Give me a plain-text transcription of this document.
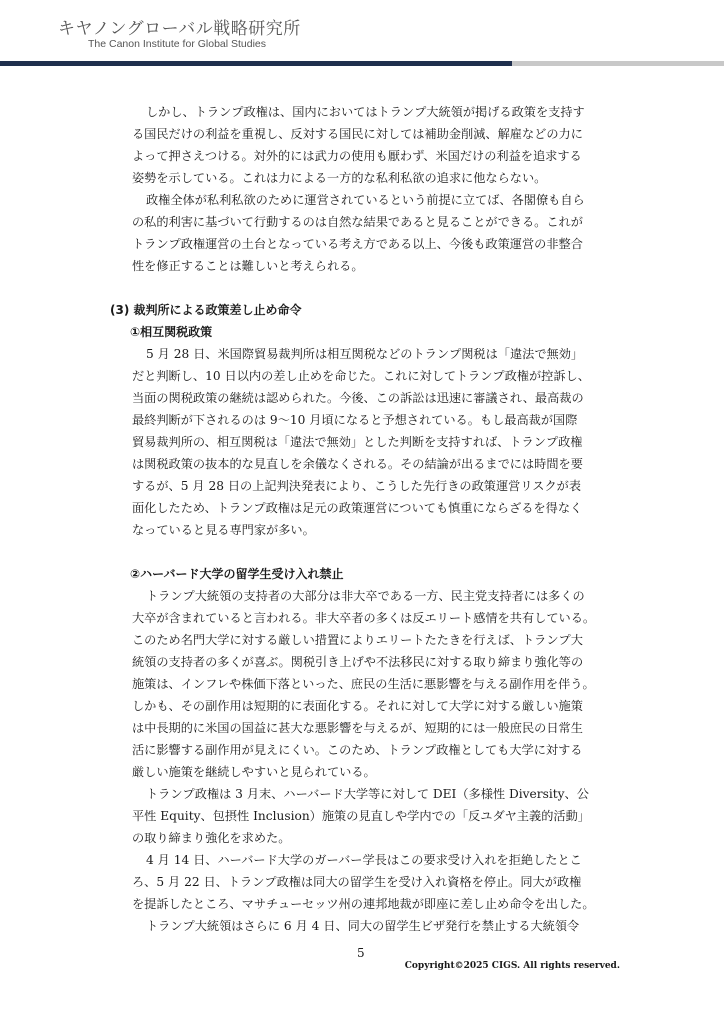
キヤノングローバル戦略研究所
The Canon Institute for Global Studies
しかし、トランプ政権は、国内においてはトランプ大統領が掲げる政策を支持す
る国民だけの利益を重視し、反対する国民に対しては補助金削減、解雇などの力に
よって押さえつける。対外的には武力の使用も厭わず、米国だけの利益を追求する
姿勢を示している。これは力による一方的な私利私欲の追求に他ならない。
政権全体が私利私欲のために運営されているという前提に立てば、各閣僚も自ら
の私的利害に基づいて行動するのは自然な結果であると見ることができる。これが
トランプ政権運営の土台となっている考え方である以上、今後も政策運営の非整合
性を修正することは難しいと考えられる。
(3) 裁判所による政策差し止め命令
①相互関税政策
5 月 28 日、米国際貿易裁判所は相互関税などのトランプ関税は「違法で無効」
だと判断し、10 日以内の差し止めを命じた。これに対してトランプ政権が控訴し、
当面の関税政策の継続は認められた。今後、この訴訟は迅速に審議され、最高裁の
最終判断が下されるのは 9〜10 月頃になると予想されている。もし最高裁が国際
貿易裁判所の、相互関税は「違法で無効」とした判断を支持すれば、トランプ政権
は関税政策の抜本的な見直しを余儀なくされる。その結論が出るまでには時間を要
するが、5 月 28 日の上記判決発表により、こうした先行きの政策運営リスクが表
面化したため、トランプ政権は足元の政策運営についても慎重にならざるを得なく
なっていると見る専門家が多い。
②ハーバード大学の留学生受け入れ禁止
トランプ大統領の支持者の大部分は非大卒である一方、民主党支持者には多くの
大卒が含まれていると言われる。非大卒者の多くは反エリート感情を共有している。
このため名門大学に対する厳しい措置によりエリートたたきを行えば、トランプ大
統領の支持者の多くが喜ぶ。関税引き上げや不法移民に対する取り締まり強化等の
施策は、インフレや株価下落といった、庶民の生活に悪影響を与える副作用を伴う。
しかも、その副作用は短期的に表面化する。それに対して大学に対する厳しい施策
は中長期的に米国の国益に甚大な悪影響を与えるが、短期的には一般庶民の日常生
活に影響する副作用が見えにくい。このため、トランプ政権としても大学に対する
厳しい施策を継続しやすいと見られている。
トランプ政権は 3 月末、ハーバード大学等に対して DEI（多様性 Diversity、公
平性 Equity、包摂性 Inclusion）施策の見直しや学内での「反ユダヤ主義的活動」
の取り締まり強化を求めた。
4 月 14 日、ハーバード大学のガーバー学長はこの要求受け入れを拒絶したとこ
ろ、5 月 22 日、トランプ政権は同大の留学生を受け入れ資格を停止。同大が政権
を提訴したところ、マサチューセッツ州の連邦地裁が即座に差し止め命令を出した。
トランプ大統領はさらに 6 月 4 日、同大の留学生ビザ発行を禁止する大統領令
5
Copyright©2025 CIGS. All rights reserved.
